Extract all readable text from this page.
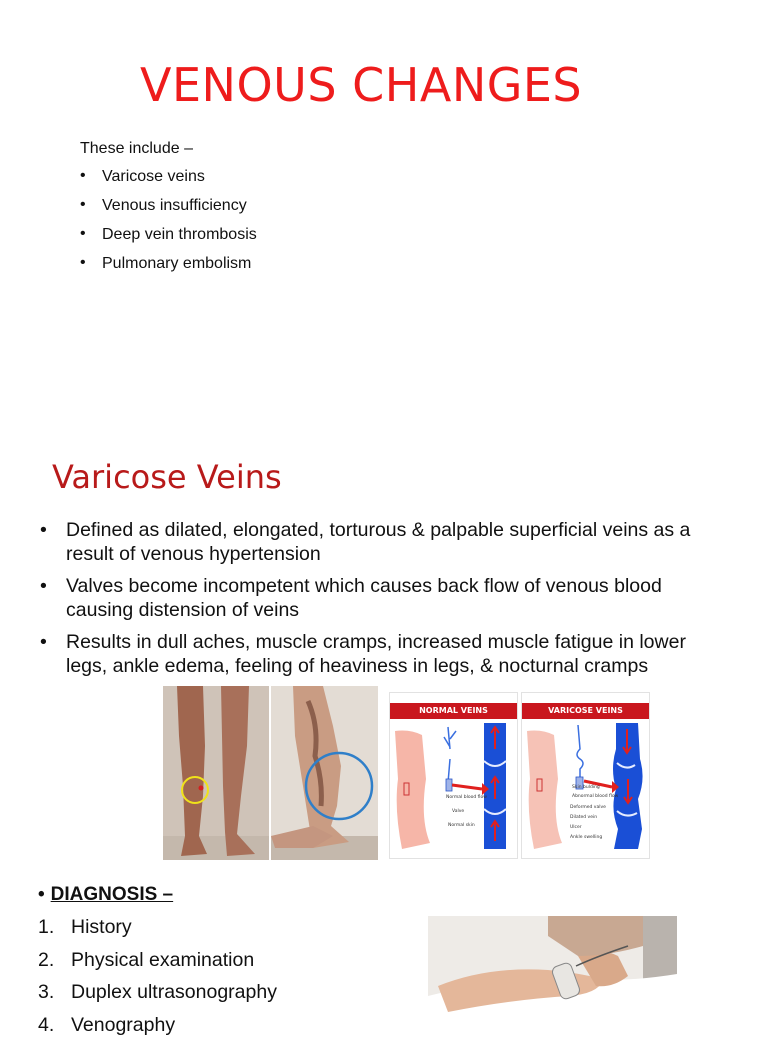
VENOUS CHANGES
These include –
• Varicose veins
• Venous insufficiency
• Deep vein thrombosis
• Pulmonary embolism
Varicose Veins
• Defined as dilated, elongated, torturous & palpable superficial veins as a result of venous hypertension
• Valves become incompetent which causes back flow of venous blood causing distension of veins
• Results in dull aches, muscle cramps, increased muscle fatigue in lower legs, ankle edema, feeling of heaviness in legs, & nocturnal cramps
NORMAL VEINS
Normal blood flow
Valve
Normal skin
VARICOSE VEINS
Skin bulding
Abnormal blood flow
Deformed valve
Dilated vein
Ulcer
Ankle swelling
• DIAGNOSIS –
1. History
2. Physical examination
3. Duplex ultrasonography
4. Venography
